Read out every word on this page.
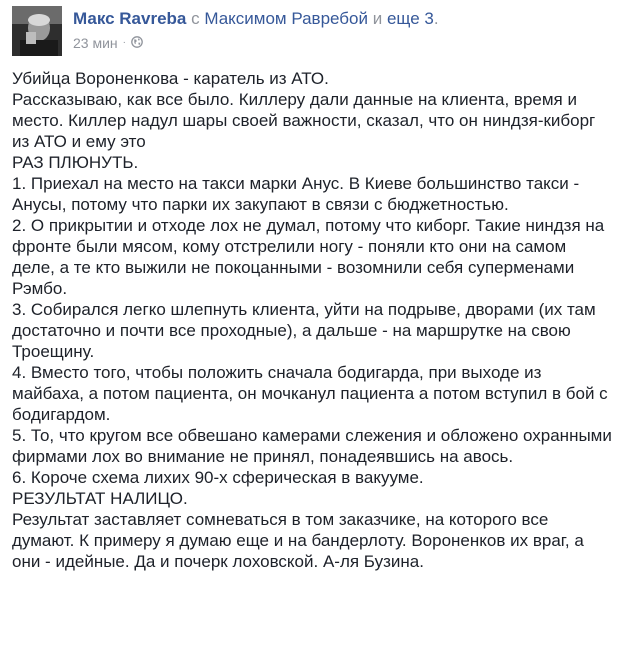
Макс Ravreba с Максимом Равребой и еще 3.
23 мин ·

Убийца Вороненкова - каратель из АТО.

Рассказываю, как все было. Киллеру дали данные на клиента, время и место. Киллер надул шары своей важности, сказал, что он ниндзя-киборг из АТО и ему это

РАЗ ПЛЮНУТЬ.

1. Приехал на место на такси марки Анус. В Киеве большинство такси - Анусы, потому что парки их закупают в связи с бюджетностью.

2. О прикрытии и отходе лох не думал, потому что киборг. Такие ниндзя на фронте были мясом, кому отстрелили ногу - поняли кто они на самом деле, а те кто выжили не покоцанными - возомнили себя суперменами Рэмбо.

3. Собирался легко шлепнуть клиента, уйти на подрыве, дворами (их там достаточно и почти все проходные), а дальше - на маршрутке на свою Троещину.

4. Вместо того, чтобы положить сначала бодигарда, при выходе из майбаха, а потом пациента, он мочканул пациента а потом вступил в бой с бодигардом.

5. То, что кругом все обвешано камерами слежения и обложено охранными фирмами лох во внимание не принял, понадеявшись на авось.

6. Короче схема лихих 90-х сферическая в вакууме.

РЕЗУЛЬТАТ НАЛИЦО.

Результат заставляет сомневаться в том заказчике, на которого все думают. К примеру я думаю еще и на бандерлоту. Вороненков их враг, а они - идейные. Да и почерк лоховской. А-ля Бузина.
